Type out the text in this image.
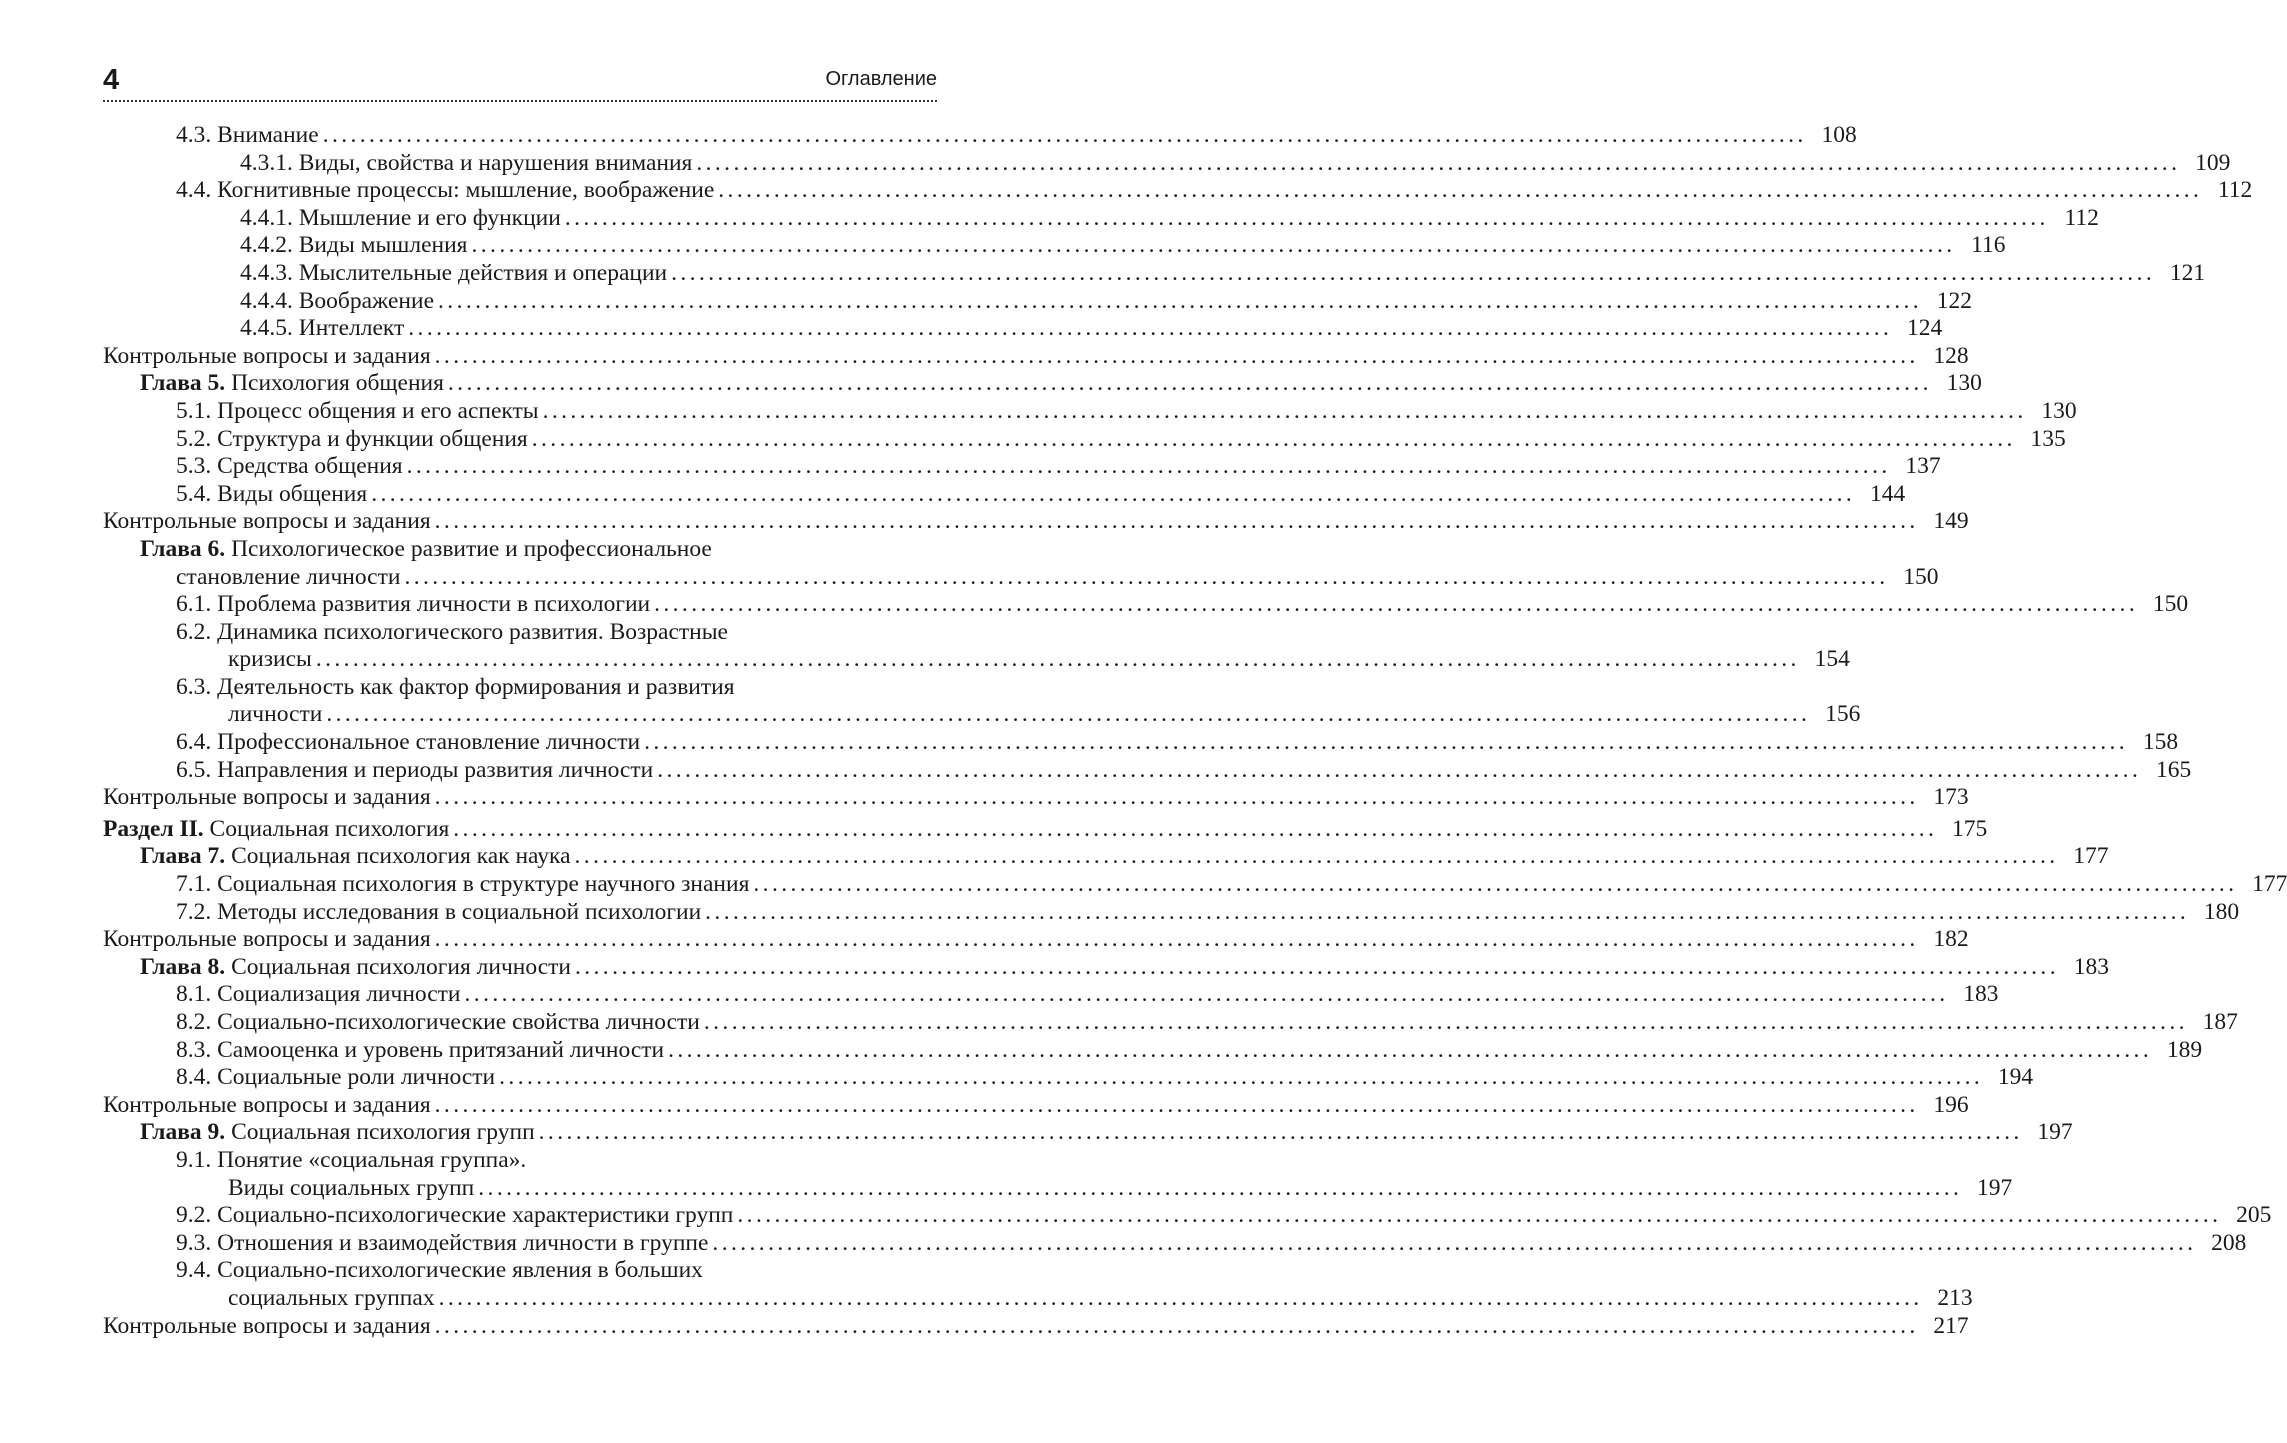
4	Оглавление
4.3. Внимание ................................................................................................................................................................ 108
4.3.1. Виды, свойства и нарушения внимания ................................................................................................................................................................ 109
4.4. Когнитивные процессы: мышление, воображение ................................................................................................................................................................ 112
4.4.1. Мышление и его функции ................................................................................................................................................................ 112
4.4.2. Виды мышления ................................................................................................................................................................ 116
4.4.3. Мыслительные действия и операции ................................................................................................................................................................ 121
4.4.4. Воображение ................................................................................................................................................................ 122
4.4.5. Интеллект ................................................................................................................................................................ 124
Контрольные вопросы и задания ................................................................................................................................................................ 128
Глава 5. Психология общения ................................................................................................................................................................ 130
5.1. Процесс общения и его аспекты ................................................................................................................................................................ 130
5.2. Структура и функции общения ................................................................................................................................................................ 135
5.3. Средства общения ................................................................................................................................................................ 137
5.4. Виды общения ................................................................................................................................................................ 144
Контрольные вопросы и задания ................................................................................................................................................................ 149
Глава 6. Психологическое развитие и профессиональное
становление личности ................................................................................................................................................................ 150
6.1. Проблема развития личности в психологии ................................................................................................................................................................ 150
6.2. Динамика психологического развития. Возрастные
кризисы ................................................................................................................................................................ 154
6.3. Деятельность как фактор формирования и развития
личности ................................................................................................................................................................ 156
6.4. Профессиональное становление личности ................................................................................................................................................................ 158
6.5. Направления и периоды развития личности ................................................................................................................................................................ 165
Контрольные вопросы и задания ................................................................................................................................................................ 173
Раздел II. Социальная психология ................................................................................................................................................................ 175
Глава 7. Социальная психология как наука ................................................................................................................................................................ 177
7.1. Социальная психология в структуре научного знания ................................................................................................................................................................ 177
7.2. Методы исследования в социальной психологии ................................................................................................................................................................ 180
Контрольные вопросы и задания ................................................................................................................................................................ 182
Глава 8. Социальная психология личности ................................................................................................................................................................ 183
8.1. Социализация личности ................................................................................................................................................................ 183
8.2. Социально-психологические свойства личности ................................................................................................................................................................ 187
8.3. Самооценка и уровень притязаний личности ................................................................................................................................................................ 189
8.4. Социальные роли личности ................................................................................................................................................................ 194
Контрольные вопросы и задания ................................................................................................................................................................ 196
Глава 9. Социальная психология групп ................................................................................................................................................................ 197
9.1. Понятие «социальная группа».
Виды социальных групп ................................................................................................................................................................ 197
9.2. Социально-психологические характеристики групп ................................................................................................................................................................ 205
9.3. Отношения и взаимодействия личности в группе ................................................................................................................................................................ 208
9.4. Социально-психологические явления в больших
социальных группах ................................................................................................................................................................ 213
Контрольные вопросы и задания ................................................................................................................................................................ 217
